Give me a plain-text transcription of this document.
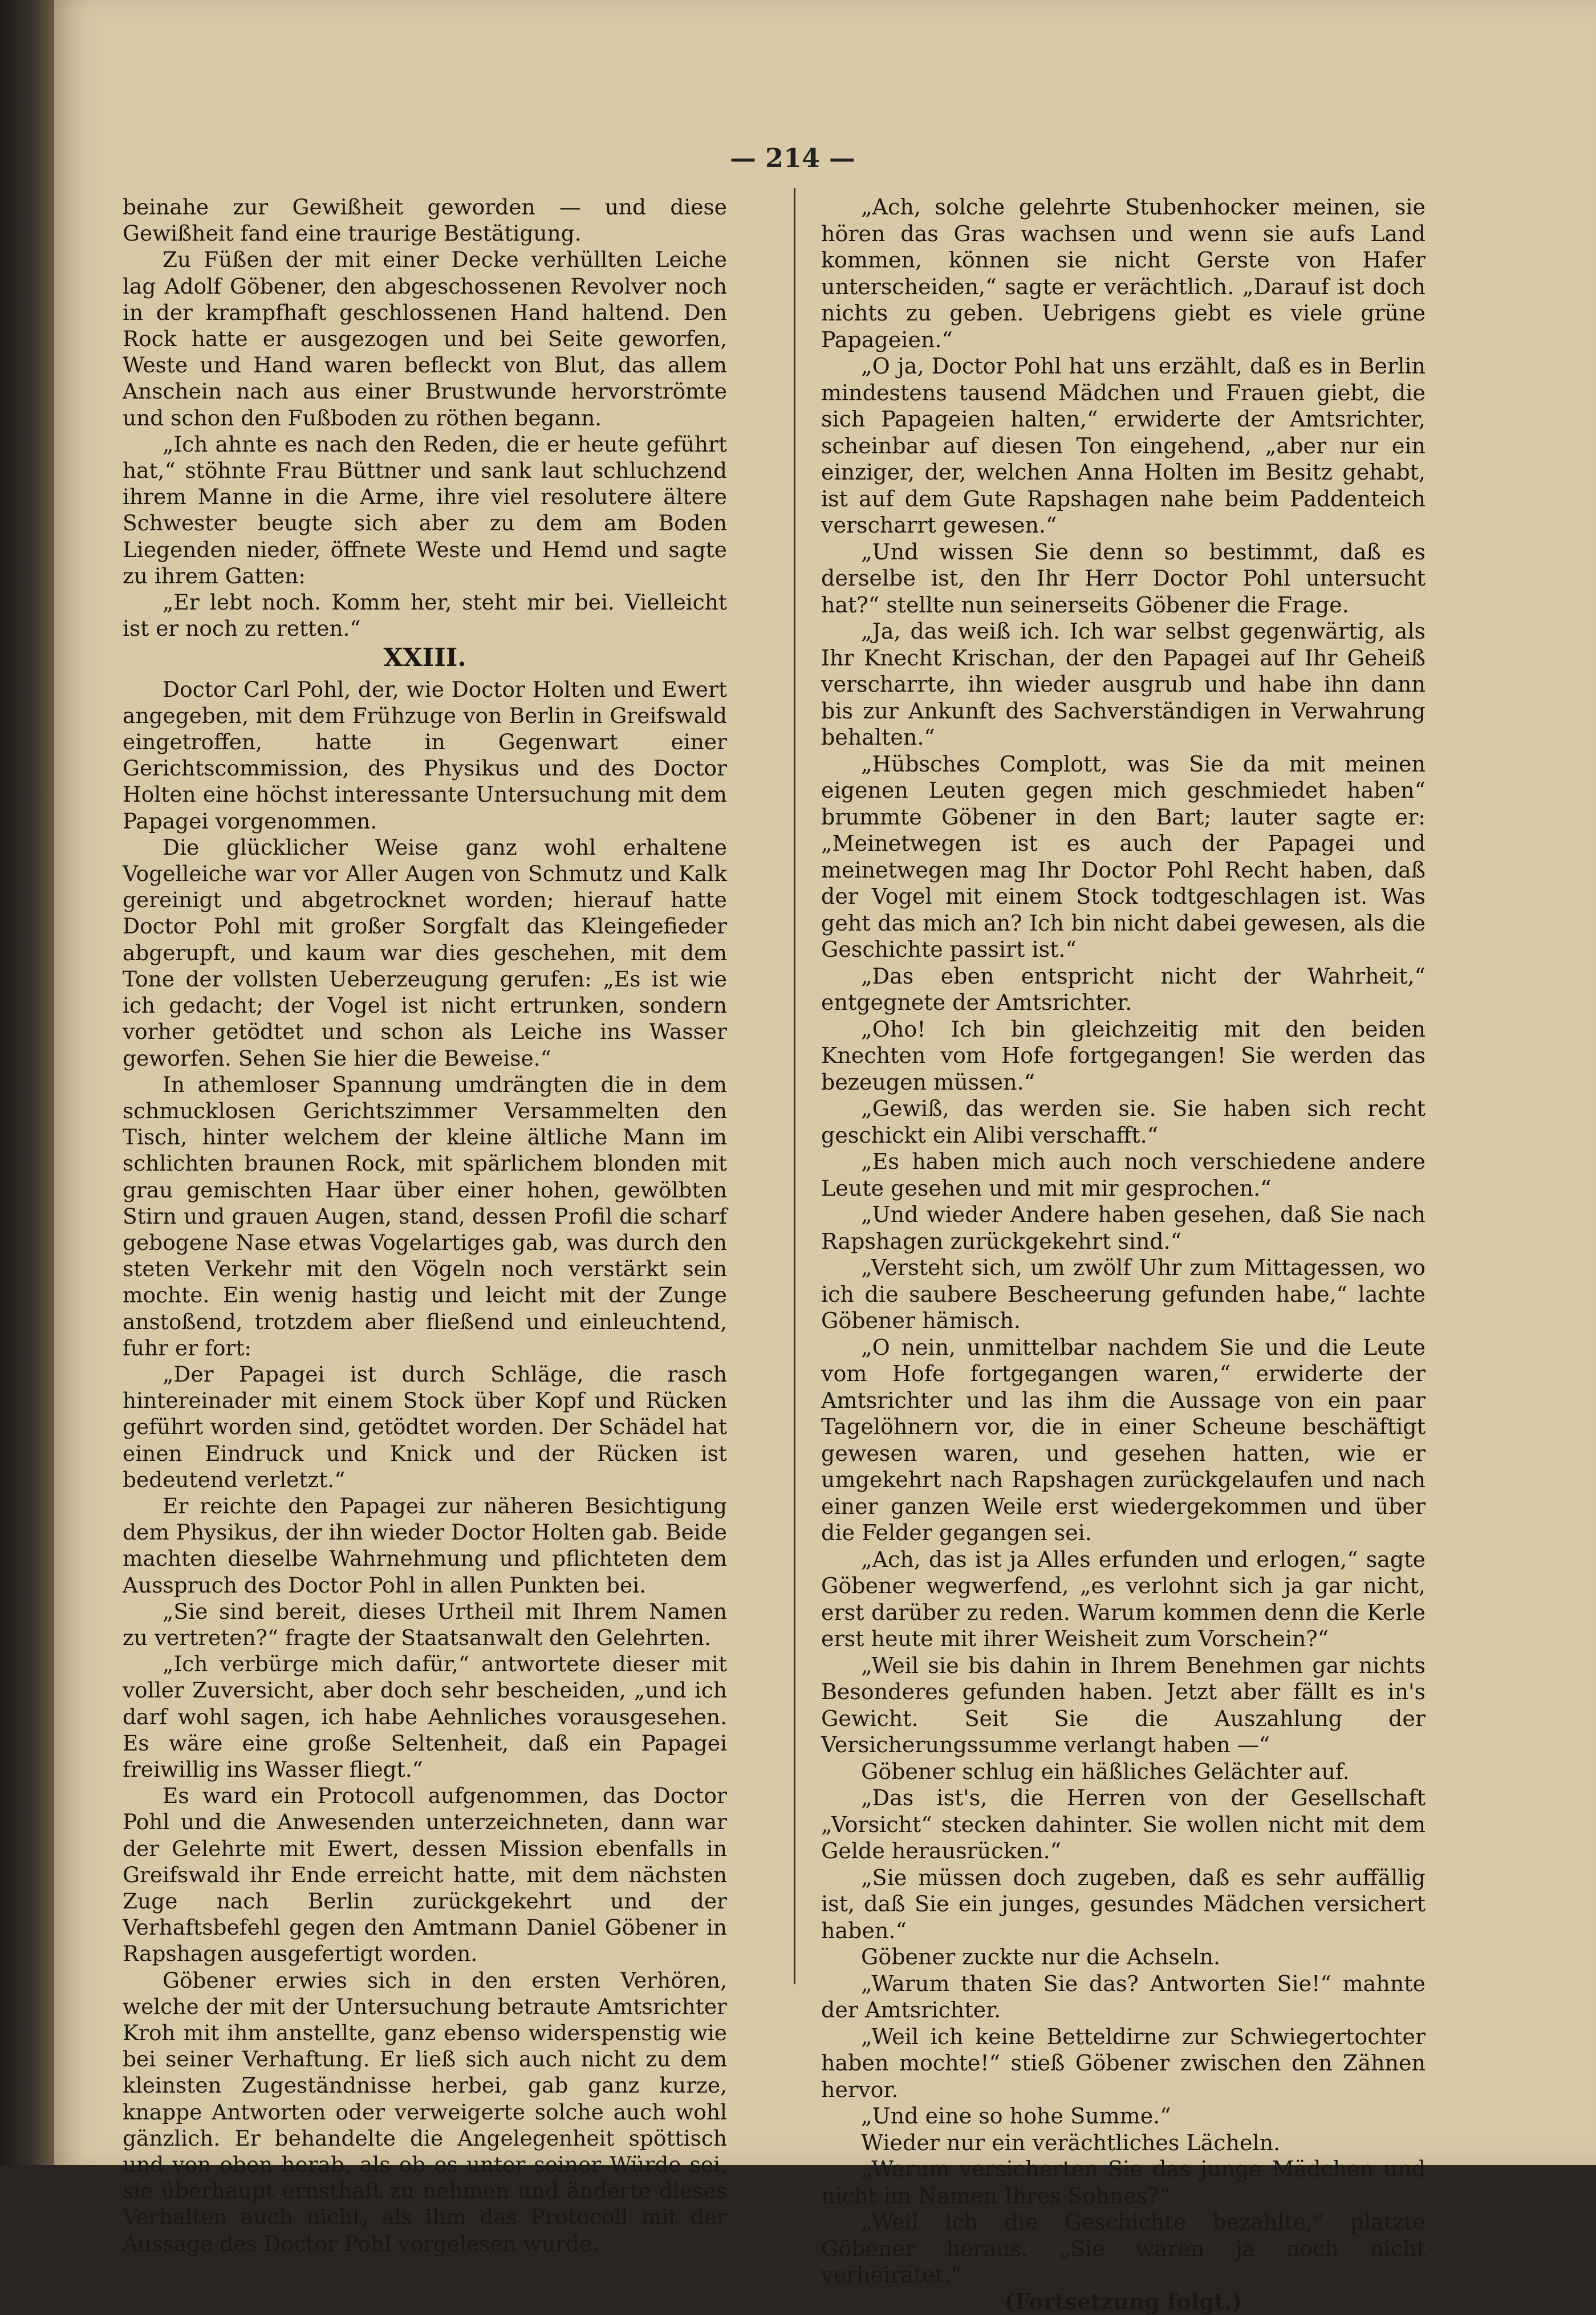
— 214 —

beinahe zur Gewißheit geworden — und diese Gewißheit fand eine traurige Bestätigung.

Zu Füßen der mit einer Decke verhüllten Leiche lag Adolf Göbener, den abgeschossenen Revolver noch in der krampfhaft geschlossenen Hand haltend. Den Rock hatte er ausgezogen und bei Seite geworfen, Weste und Hand waren befleckt von Blut, das allem Anschein nach aus einer Brustwunde hervorströmte und schon den Fußboden zu röthen begann.

„Ich ahnte es nach den Reden, die er heute geführt hat,“ stöhnte Frau Büttner und sank laut schluchzend ihrem Manne in die Arme, ihre viel resolutere ältere Schwester beugte sich aber zu dem am Boden Liegenden nieder, öffnete Weste und Hemd und sagte zu ihrem Gatten:

„Er lebt noch. Komm her, steht mir bei. Vielleicht ist er noch zu retten.“

XXIII.

Doctor Carl Pohl, der, wie Doctor Holten und Ewert angegeben, mit dem Frühzuge von Berlin in Greifswald eingetroffen, hatte in Gegenwart einer Gerichtscommission, des Physikus und des Doctor Holten eine höchst interessante Untersuchung mit dem Papagei vorgenommen.

Die glücklicher Weise ganz wohl erhaltene Vogelleiche war vor Aller Augen von Schmutz und Kalk gereinigt und abgetrocknet worden; hierauf hatte Doctor Pohl mit großer Sorgfalt das Kleingefieder abgerupft, und kaum war dies geschehen, mit dem Tone der vollsten Ueberzeugung gerufen: „Es ist wie ich gedacht; der Vogel ist nicht ertrunken, sondern vorher getödtet und schon als Leiche ins Wasser geworfen. Sehen Sie hier die Beweise.“

In athemloser Spannung umdrängten die in dem schmucklosen Gerichtszimmer Versammelten den Tisch, hinter welchem der kleine ältliche Mann im schlichten braunen Rock, mit spärlichem blonden mit grau gemischten Haar über einer hohen, gewölbten Stirn und grauen Augen, stand, dessen Profil die scharf gebogene Nase etwas Vogelartiges gab, was durch den steten Verkehr mit den Vögeln noch verstärkt sein mochte. Ein wenig hastig und leicht mit der Zunge anstoßend, trotzdem aber fließend und einleuchtend, fuhr er fort:

„Der Papagei ist durch Schläge, die rasch hintereinader mit einem Stock über Kopf und Rücken geführt worden sind, getödtet worden. Der Schädel hat einen Eindruck und Knick und der Rücken ist bedeutend verletzt.“

Er reichte den Papagei zur näheren Besichtigung dem Physikus, der ihn wieder Doctor Holten gab. Beide machten dieselbe Wahrnehmung und pflichteten dem Ausspruch des Doctor Pohl in allen Punkten bei.

„Sie sind bereit, dieses Urtheil mit Ihrem Namen zu vertreten?“ fragte der Staatsanwalt den Gelehrten.

„Ich verbürge mich dafür,“ antwortete dieser mit voller Zuversicht, aber doch sehr bescheiden, „und ich darf wohl sagen, ich habe Aehnliches vorausgesehen. Es wäre eine große Seltenheit, daß ein Papagei freiwillig ins Wasser fliegt.“

Es ward ein Protocoll aufgenommen, das Doctor Pohl und die Anwesenden unterzeichneten, dann war der Gelehrte mit Ewert, dessen Mission ebenfalls in Greifswald ihr Ende erreicht hatte, mit dem nächsten Zuge nach Berlin zurückgekehrt und der Verhaftsbefehl gegen den Amtmann Daniel Göbener in Rapshagen ausgefertigt worden.

Göbener erwies sich in den ersten Verhören, welche der mit der Untersuchung betraute Amtsrichter Kroh mit ihm anstellte, ganz ebenso widerspenstig wie bei seiner Verhaftung. Er ließ sich auch nicht zu dem kleinsten Zugeständnisse herbei, gab ganz kurze, knappe Antworten oder verweigerte solche auch wohl gänzlich. Er behandelte die Angelegenheit spöttisch und von oben herab, als ob es unter seiner Würde sei, sie überhaupt ernsthaft zu nehmen und änderte dieses Verhalten auch nicht, als ihm das Protocoll mit der Aussage des Doctor Pohl vorgelesen wurde.

„Ach, solche gelehrte Stubenhocker meinen, sie hören das Gras wachsen und wenn sie aufs Land kommen, können sie nicht Gerste von Hafer unterscheiden,“ sagte er verächtlich. „Darauf ist doch nichts zu geben. Uebrigens giebt es viele grüne Papageien.“

„O ja, Doctor Pohl hat uns erzählt, daß es in Berlin mindestens tausend Mädchen und Frauen giebt, die sich Papageien halten,“ erwiderte der Amtsrichter, scheinbar auf diesen Ton eingehend, „aber nur ein einziger, der, welchen Anna Holten im Besitz gehabt, ist auf dem Gute Rapshagen nahe beim Paddenteich verscharrt gewesen.“

„Und wissen Sie denn so bestimmt, daß es derselbe ist, den Ihr Herr Doctor Pohl untersucht hat?“ stellte nun seinerseits Göbener die Frage.

„Ja, das weiß ich. Ich war selbst gegenwärtig, als Ihr Knecht Krischan, der den Papagei auf Ihr Geheiß verscharrte, ihn wieder ausgrub und habe ihn dann bis zur Ankunft des Sachverständigen in Verwahrung behalten.“

„Hübsches Complott, was Sie da mit meinen eigenen Leuten gegen mich geschmiedet haben“ brummte Göbener in den Bart; lauter sagte er: „Meinetwegen ist es auch der Papagei und meinetwegen mag Ihr Doctor Pohl Recht haben, daß der Vogel mit einem Stock todtgeschlagen ist. Was geht das mich an? Ich bin nicht dabei gewesen, als die Geschichte passirt ist.“

„Das eben entspricht nicht der Wahrheit,“ entgegnete der Amtsrichter.

„Oho! Ich bin gleichzeitig mit den beiden Knechten vom Hofe fortgegangen! Sie werden das bezeugen müssen.“

„Gewiß, das werden sie. Sie haben sich recht geschickt ein Alibi verschafft.“

„Es haben mich auch noch verschiedene andere Leute gesehen und mit mir gesprochen.“

„Und wieder Andere haben gesehen, daß Sie nach Rapshagen zurückgekehrt sind.“

„Versteht sich, um zwölf Uhr zum Mittagessen, wo ich die saubere Bescheerung gefunden habe,“ lachte Göbener hämisch.

„O nein, unmittelbar nachdem Sie und die Leute vom Hofe fortgegangen waren,“ erwiderte der Amtsrichter und las ihm die Aussage von ein paar Tagelöhnern vor, die in einer Scheune beschäftigt gewesen waren, und gesehen hatten, wie er umgekehrt nach Rapshagen zurückgelaufen und nach einer ganzen Weile erst wiedergekommen und über die Felder gegangen sei.

„Ach, das ist ja Alles erfunden und erlogen,“ sagte Göbener wegwerfend, „es verlohnt sich ja gar nicht, erst darüber zu reden. Warum kommen denn die Kerle erst heute mit ihrer Weisheit zum Vorschein?“

„Weil sie bis dahin in Ihrem Benehmen gar nichts Besonderes gefunden haben. Jetzt aber fällt es in's Gewicht. Seit Sie die Auszahlung der Versicherungssumme verlangt haben —“

Göbener schlug ein häßliches Gelächter auf.

„Das ist's, die Herren von der Gesellschaft „Vorsicht“ stecken dahinter. Sie wollen nicht mit dem Gelde herausrücken.“

„Sie müssen doch zugeben, daß es sehr auffällig ist, daß Sie ein junges, gesundes Mädchen versichert haben.“

Göbener zuckte nur die Achseln.

„Warum thaten Sie das? Antworten Sie!“ mahnte der Amtsrichter.

„Weil ich keine Betteldirne zur Schwiegertochter haben mochte!“ stieß Göbener zwischen den Zähnen hervor.

„Und eine so hohe Summe.“

Wieder nur ein verächtliches Lächeln.

„Warum versicherten Sie das junge Mädchen und nicht im Namen Ihres Sohnes?“

„Weil ich die Geschichte bezahlte,“ platzte Göbener heraus. „Sie waren ja noch nicht verheiratet.“

(Fortsetzung folgt.)
